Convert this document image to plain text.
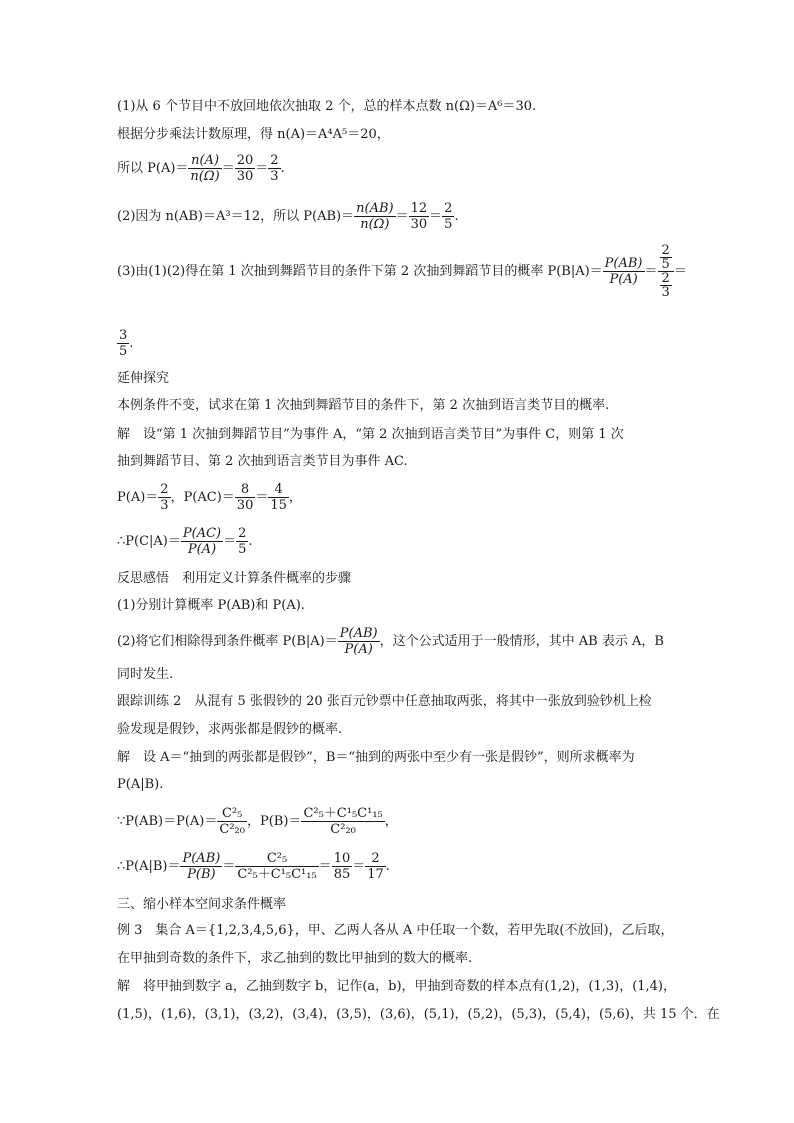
(1)从 6 个节目中不放回地依次抽取 2 个，总的样本点数 n(Ω)＝A⁶＝30.
根据分步乘法计数原理，得 n(A)＝A⁴A⁵＝20，
所以 $P(A)= \frac{n(A)}{n(\Omega)} = \frac{20}{30} = \frac{2}{3}$ .
(2)因为 n(AB)＝A³＝12，所以 $P(AB)= \frac{n(AB)}{n(\Omega)} = \frac{12}{30} = \frac{2}{5}$ .
(3)由(1)(2)得在第 1 次抽到舞蹈节目的条件下第 2 次抽到舞蹈节目的概率 $P(B|A)= \frac{P(AB)}{P(A)} = \frac{\frac{2}{5}}{\frac{2}{3}}$ ＝
$\frac{3}{5}$ .
延伸探究
本例条件不变，试求在第 1 次抽到舞蹈节目的条件下，第 2 次抽到语言类节目的概率.
解　设“第 1 次抽到舞蹈节目”为事件 A，“第 2 次抽到语言类节目”为事件 C，则第 1 次
抽到舞蹈节目、第 2 次抽到语言类节目为事件 AC.
$P(A)= \frac{2}{3}$ ，$P(AC)= \frac{8}{30} = \frac{4}{15}$ ，
∴P(C|A)＝ $\frac{P(AC)}{P(A)} = \frac{2}{5}$ .
反思感悟　利用定义计算条件概率的步骤
(1)分别计算概率 P(AB)和 P(A).
(2)将它们相除得到条件概率 $P(B|A)= \frac{P(AB)}{P(A)}$ ，这个公式适用于一般情形，其中 AB 表示 A，B
同时发生.
跟踪训练 2　从混有 5 张假钞的 20 张百元钞票中任意抽取两张，将其中一张放到验钞机上检
验发现是假钞，求两张都是假钞的概率.
解　设 A＝“抽到的两张都是假钞”，B＝“抽到的两张中至少有一张是假钞”，则所求概率为
P(A|B).
∵P(AB)＝P(A)＝ $\frac{\text{C²₅}}{\text{C²₂₀}}$ ，$P(B)= \frac{\text{C²₅＋C¹₅C¹₁₅}}{\text{C²₂₀}}$ ，
∴P(A|B)＝ $\frac{P(AB)}{P(B)} = \frac{\text{C²₅}}{\text{C²₅＋C¹₅C¹₁₅}} = \frac{10}{85} = \frac{2}{17}$ .
三、缩小样本空间求条件概率
例 3　集合 A＝{1,2,3,4,5,6}，甲、乙两人各从 A 中任取一个数，若甲先取(不放回)，乙后取，
在甲抽到奇数的条件下，求乙抽到的数比甲抽到的数大的概率.
解　将甲抽到数字 a，乙抽到数字 b，记作(a，b)，甲抽到奇数的样本点有(1,2)，(1,3)，(1,4)，
(1,5)，(1,6)，(3,1)，(3,2)，(3,4)，(3,5)，(3,6)，(5,1)，(5,2)，(5,3)，(5,4)，(5,6)，共 15 个．在
